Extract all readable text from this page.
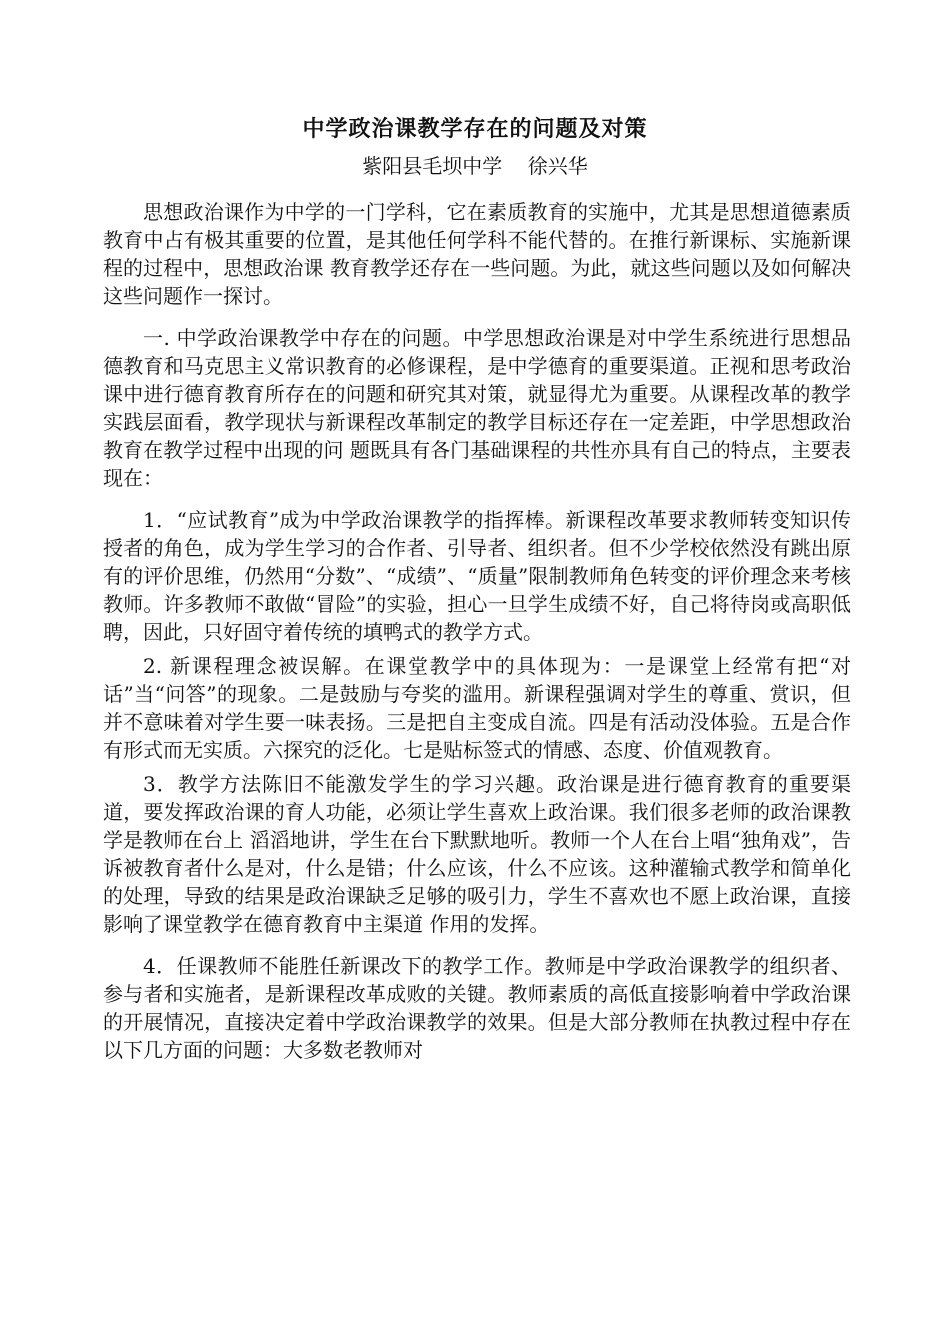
中学政治课教学存在的问题及对策
紫阳县毛坝中学    徐兴华

思想政治课作为中学的一门学科，它在素质教育的实施中，尤其是思想道德素质教育中占有极其重要的位置，是其他任何学科不能代替的。在推行新课标、实施新课程的过程中，思想政治课 教育教学还存在一些问题。为此，就这些问题以及如何解决这些问题作一探讨。

一. 中学政治课教学中存在的问题。中学思想政治课是对中学生系统进行思想品德教育和马克思主义常识教育的必修课程，是中学德育的重要渠道。正视和思考政治课中进行德育教育所存在的问题和研究其对策，就显得尤为重要。从课程改革的教学实践层面看，教学现状与新课程改革制定的教学目标还存在一定差距，中学思想政治教育在教学过程中出现的问 题既具有各门基础课程的共性亦具有自己的特点，主要表现在：

1．“应试教育”成为中学政治课教学的指挥棒。新课程改革要求教师转变知识传授者的角色，成为学生学习的合作者、引导者、组织者。但不少学校依然没有跳出原有的评价思维，仍然用“分数”、“成绩”、“质量”限制教师角色转变的评价理念来考核教师。许多教师不敢做“冒险”的实验，担心一旦学生成绩不好，自己将待岗或高职低聘，因此，只好固守着传统的填鸭式的教学方式。

2. 新课程理念被误解。在课堂教学中的具体现为：一是课堂上经常有把“对话”当“问答”的现象。二是鼓励与夸奖的滥用。新课程强调对学生的尊重、赏识，但并不意味着对学生要一味表扬。三是把自主变成自流。四是有活动没体验。五是合作有形式而无实质。六探究的泛化。七是贴标签式的情感、态度、价值观教育。

3．教学方法陈旧不能激发学生的学习兴趣。政治课是进行德育教育的重要渠道，要发挥政治课的育人功能，必须让学生喜欢上政治课。我们很多老师的政治课教学是教师在台上 滔滔地讲，学生在台下默默地听。教师一个人在台上唱“独角戏”，告诉被教育者什么是对，什么是错；什么应该，什么不应该。这种灌输式教学和简单化的处理，导致的结果是政治课缺乏足够的吸引力，学生不喜欢也不愿上政治课，直接影响了课堂教学在德育教育中主渠道 作用的发挥。

4．任课教师不能胜任新课改下的教学工作。教师是中学政治课教学的组织者、参与者和实施者，是新课程改革成败的关键。教师素质的高低直接影响着中学政治课的开展情况，直接决定着中学政治课教学的效果。但是大部分教师在执教过程中存在以下几方面的问题：大多数老教师对
